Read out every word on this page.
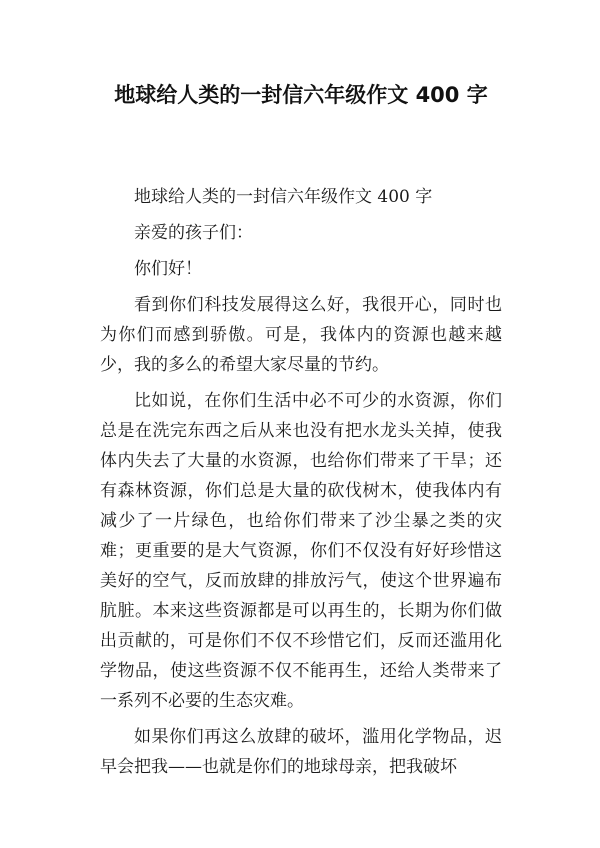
地球给人类的一封信六年级作文 400 字

地球给人类的一封信六年级作文 400 字

亲爱的孩子们：

你们好！

看到你们科技发展得这么好，我很开心，同时也为你们而感到骄傲。可是，我体内的资源也越来越少，我的多么的希望大家尽量的节约。

比如说，在你们生活中必不可少的水资源，你们总是在洗完东西之后从来也没有把水龙头关掉，使我体内失去了大量的水资源，也给你们带来了干旱；还有森林资源，你们总是大量的砍伐树木，使我体内有减少了一片绿色，也给你们带来了沙尘暴之类的灾难；更重要的是大气资源，你们不仅没有好好珍惜这美好的空气，反而放肆的排放污气，使这个世界遍布肮脏。本来这些资源都是可以再生的，长期为你们做出贡献的，可是你们不仅不珍惜它们，反而还滥用化学物品，使这些资源不仅不能再生，还给人类带来了一系列不必要的生态灾难。

如果你们再这么放肆的破坏，滥用化学物品，迟早会把我——也就是你们的地球母亲，把我破坏
